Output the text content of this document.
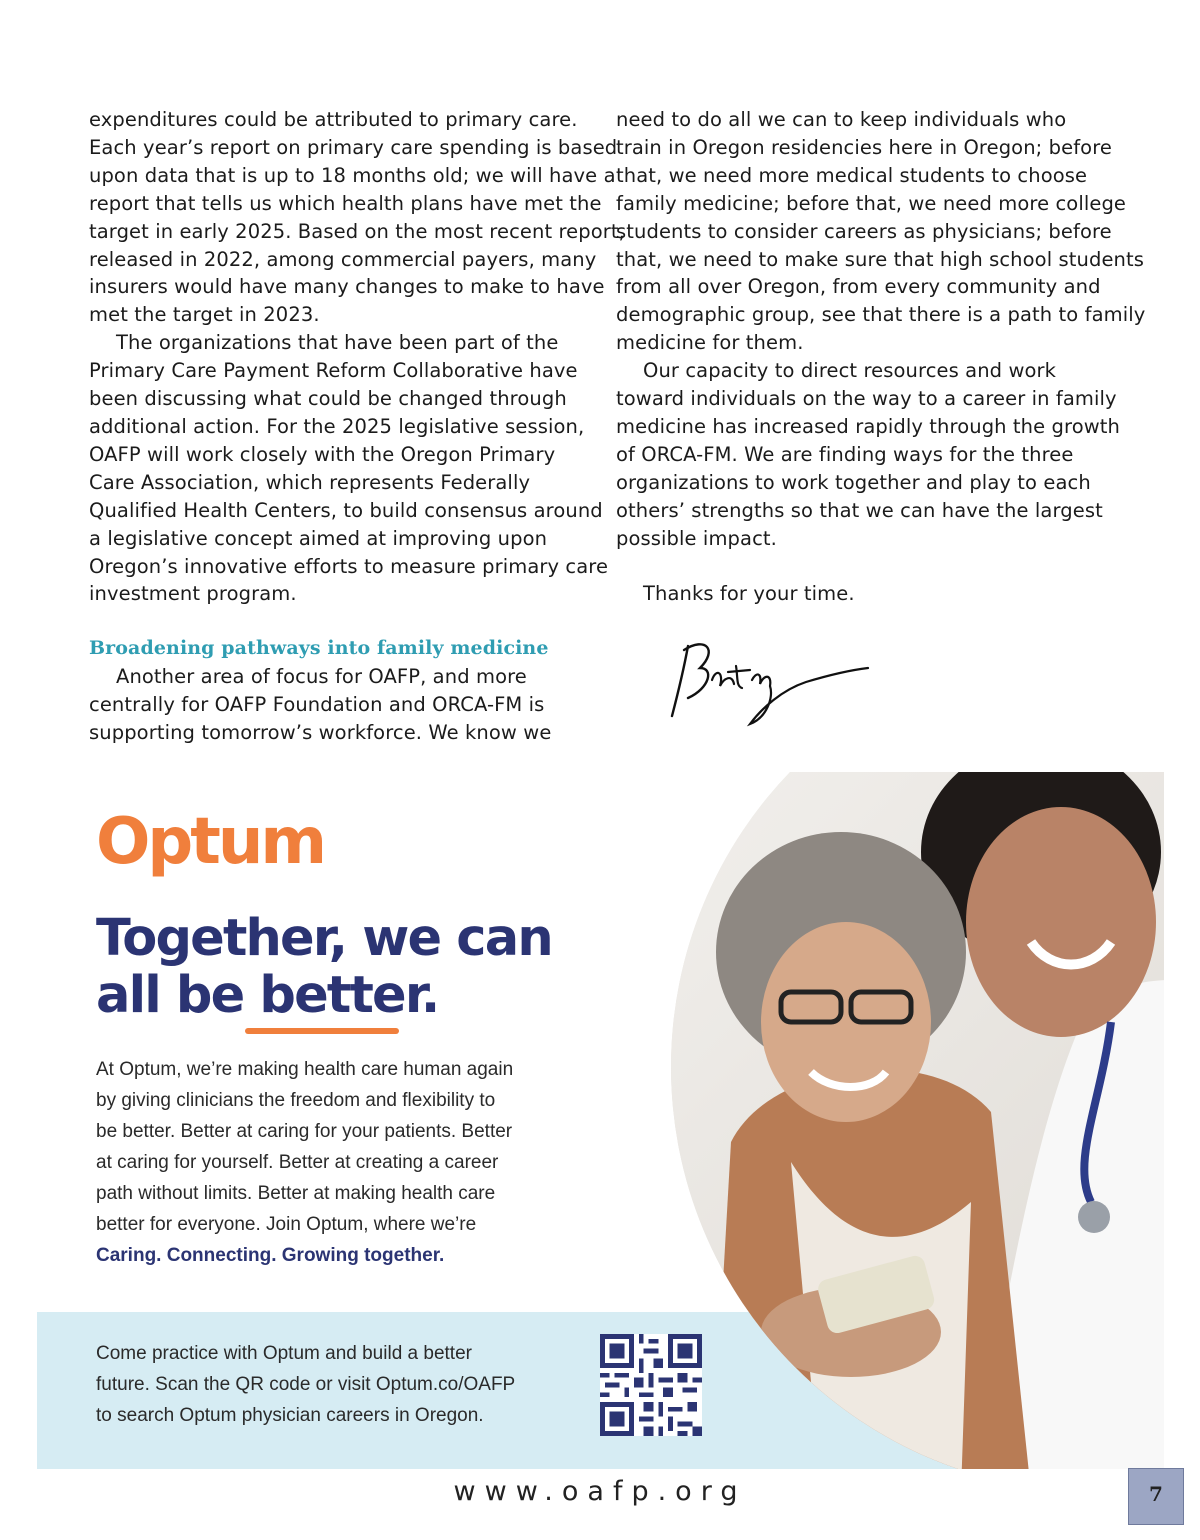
expenditures could be attributed to primary care.
Each year’s report on primary care spending is based
upon data that is up to 18 months old; we will have a
report that tells us which health plans have met the
target in early 2025. Based on the most recent report,
released in 2022, among commercial payers, many
insurers would have many changes to make to have
met the target in 2023.
The organizations that have been part of the
Primary Care Payment Reform Collaborative have
been discussing what could be changed through
additional action. For the 2025 legislative session,
OAFP will work closely with the Oregon Primary
Care Association, which represents Federally
Qualified Health Centers, to build consensus around
a legislative concept aimed at improving upon
Oregon’s innovative efforts to measure primary care
investment program.
Broadening pathways into family medicine
Another area of focus for OAFP, and more
centrally for OAFP Foundation and ORCA-FM is
supporting tomorrow’s workforce. We know we
need to do all we can to keep individuals who
train in Oregon residencies here in Oregon; before
that, we need more medical students to choose
family medicine; before that, we need more college
students to consider careers as physicians; before
that, we need to make sure that high school students
from all over Oregon, from every community and
demographic group, see that there is a path to family
medicine for them.
Our capacity to direct resources and work
toward individuals on the way to a career in family
medicine has increased rapidly through the growth
of ORCA-FM. We are finding ways for the three
organizations to work together and play to each
others’ strengths so that we can have the largest
possible impact.
Thanks for your time.
Optum
Together, we can
all be better.
At Optum, we’re making health care human again
by giving clinicians the freedom and flexibility to
be better. Better at caring for your patients. Better
at caring for yourself. Better at creating a career
path without limits. Better at making health care
better for everyone. Join Optum, where we’re
Caring. Connecting. Growing together.
Come practice with Optum and build a better
future. Scan the QR code or visit Optum.co/OAFP
to search Optum physician careers in Oregon.
www.oafp.org	7
